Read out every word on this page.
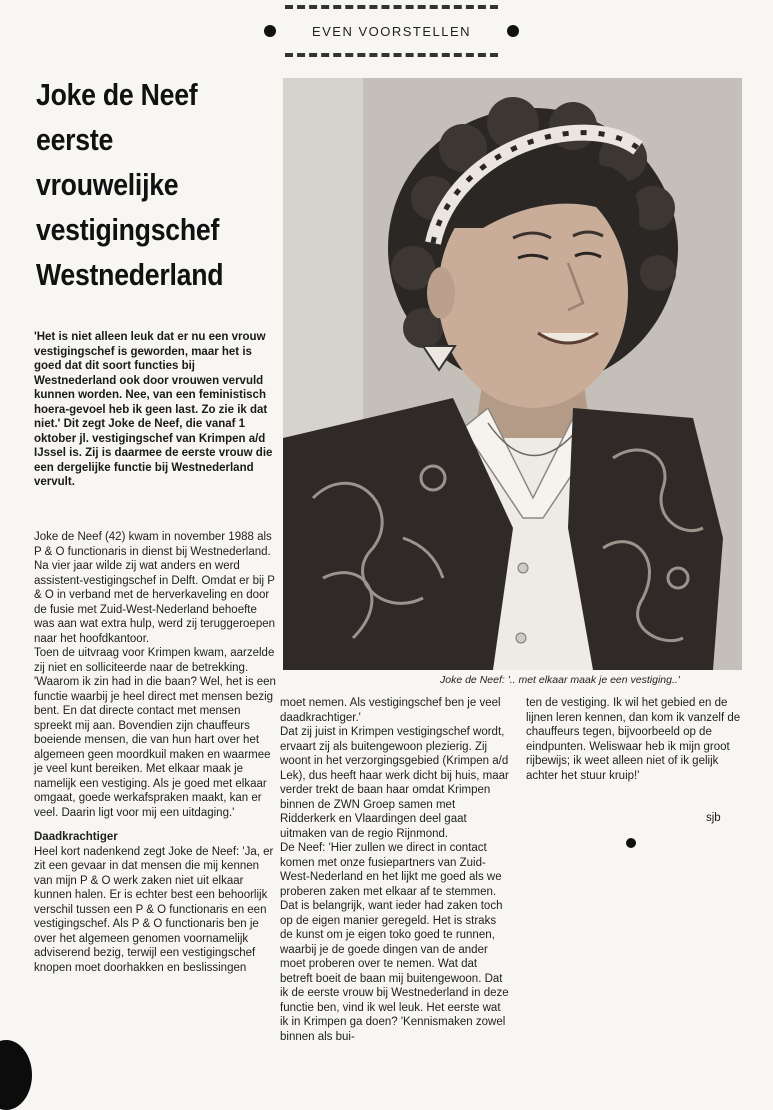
EVEN VOORSTELLEN
Joke de Neef
eerste
vrouwelijke
vestigingschef
Westnederland

'Het is niet alleen leuk dat er nu een vrouw vestigingschef is geworden, maar het is goed dat dit soort functies bij Westnederland ook door vrouwen vervuld kunnen worden. Nee, van een feministisch hoera-gevoel heb ik geen last. Zo zie ik dat niet.' Dit zegt Joke de Neef, die vanaf 1 oktober jl. vestigingschef van Krimpen a/d IJssel is. Zij is daarmee de eerste vrouw die een dergelijke functie bij Westnederland vervult.

Joke de Neef: '.. met elkaar maak je een vestiging..'

Joke de Neef (42) kwam in november 1988 als P & O functionaris in dienst bij Westnederland. Na vier jaar wilde zij wat anders en werd assistent-vestigingschef in Delft. Omdat er bij P & O in verband met de herverkaveling en door de fusie met Zuid-West-Nederland behoefte was aan wat extra hulp, werd zij teruggeroepen naar het hoofdkantoor.

Toen de uitvraag voor Krimpen kwam, aarzelde zij niet en solliciteerde naar de betrekking.

'Waarom ik zin had in die baan? Wel, het is een functie waarbij je heel direct met mensen bezig bent. En dat directe contact met mensen spreekt mij aan. Bovendien zijn chauffeurs boeiende mensen, die van hun hart over het algemeen geen moordkuil maken en waarmee je veel kunt bereiken. Met elkaar maak je namelijk een vestiging. Als je goed met elkaar omgaat, goede werkafspraken maakt, kan er veel. Daarin ligt voor mij een uitdaging.'

Daadkrachtiger

Heel kort nadenkend zegt Joke de Neef: 'Ja, er zit een gevaar in dat mensen die mij kennen van mijn P & O werk zaken niet uit elkaar kunnen halen. Er is echter best een behoorlijk verschil tussen een P & O functionaris en een vestigingschef. Als P & O functionaris ben je over het algemeen genomen voornamelijk adviserend bezig, terwijl een vestigingschef knopen moet doorhakken en beslissingen

moet nemen. Als vestigingschef ben je veel daadkrachtiger.'

Dat zij juist in Krimpen vestigingschef wordt, ervaart zij als buitengewoon plezierig. Zij woont in het verzorgingsgebied (Krimpen a/d Lek), dus heeft haar werk dicht bij huis, maar verder trekt de baan haar omdat Krimpen binnen de ZWN Groep samen met Ridderkerk en Vlaardingen deel gaat uitmaken van de regio Rijnmond.

De Neef: 'Hier zullen we direct in contact komen met onze fusiepartners van Zuid-West-Nederland en het lijkt me goed als we proberen zaken met elkaar af te stemmen. Dat is belangrijk, want ieder had zaken toch op de eigen manier geregeld. Het is straks de kunst om je eigen toko goed te runnen, waarbij je de goede dingen van de ander moet proberen over te nemen. Wat dat betreft boeit de baan mij buitengewoon. Dat ik de eerste vrouw bij Westnederland in deze functie ben, vind ik wel leuk. Het eerste wat ik in Krimpen ga doen? 'Kennismaken zowel binnen als bui-

ten de vestiging. Ik wil het gebied en de lijnen leren kennen, dan kom ik vanzelf de chauffeurs tegen, bijvoorbeeld op de eindpunten. Weliswaar heb ik mijn groot rijbewijs; ik weet alleen niet of ik gelijk achter het stuur kruip!'

sjb
